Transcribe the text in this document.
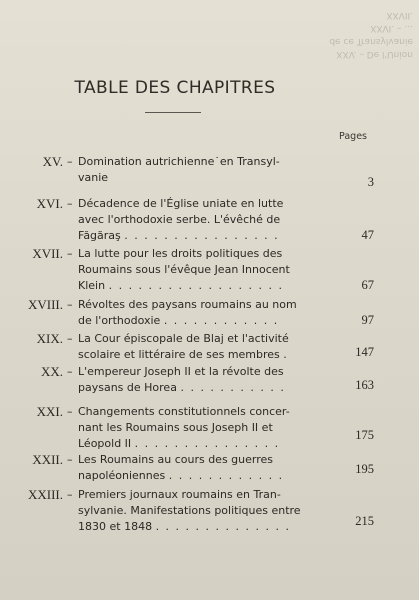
XXV. – De l'Union
de ce Transylvanie
XXVI. – ...
XXVII.
TABLE DES CHAPITRES
Pages
XV. – Domination autrichienne˙en Transyl-
vanie	3
XVI. – Décadence de l'Église uniate en lutte
avec l'orthodoxie serbe. L'évêché de
Făgăraş . . . . . . . . . . . . . . . .	47
XVII. – La lutte pour les droits politiques des
Roumains sous l'évêque Jean Innocent
Klein . . . . . . . . . . . . . . . . . .	67
XVIII. – Révoltes des paysans roumains au nom
de l'orthodoxie . . . . . . . . . . . .	97
XIX. – La Cour épiscopale de Blaj et l'activité
scolaire et littéraire de ses membres .	147
XX. – L'empereur Joseph II et la révolte des
paysans de Horea . . . . . . . . . . .	163
XXI. – Changements constitutionnels concer-
nant les Roumains sous Joseph II et
Léopold II . . . . . . . . . . . . . . .
175
XXII. – Les Roumains au cours des guerres
napoléoniennes . . . . . . . . . . . .	195
XXIII. – Premiers journaux roumains en Tran-
sylvanie. Manifestations politiques entre
1830 et 1848 . . . . . . . . . . . . . .	215
